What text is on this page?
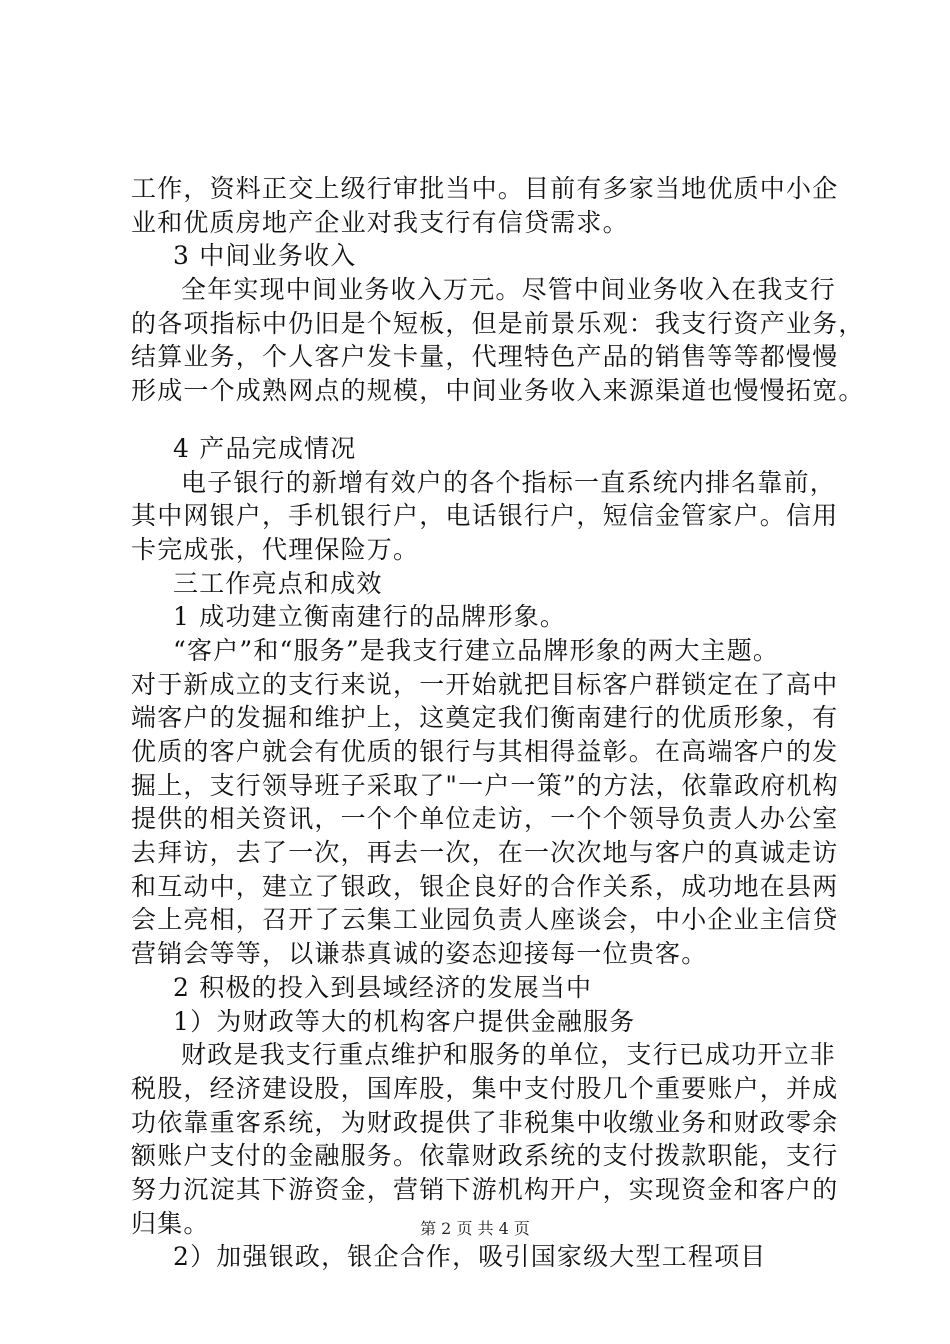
工作，资料正交上级行审批当中。目前有多家当地优质中小企
业和优质房地产企业对我支行有信贷需求。
3 中间业务收入
全年实现中间业务收入万元。尽管中间业务收入在我支行
的各项指标中仍旧是个短板，但是前景乐观：我支行资产业务，
结算业务，个人客户发卡量，代理特色产品的销售等等都慢慢
形成一个成熟网点的规模，中间业务收入来源渠道也慢慢拓宽。
4 产品完成情况
电子银行的新增有效户的各个指标一直系统内排名靠前，
其中网银户，手机银行户，电话银行户，短信金管家户。信用
卡完成张，代理保险万。
三工作亮点和成效
1 成功建立衡南建行的品牌形象。
“客户”和“服务”是我支行建立品牌形象的两大主题。
对于新成立的支行来说，一开始就把目标客户群锁定在了高中
端客户的发掘和维护上，这奠定我们衡南建行的优质形象，有
优质的客户就会有优质的银行与其相得益彰。在高端客户的发
掘上，支行领导班子采取了"一户一策”的方法，依靠政府机构
提供的相关资讯，一个个单位走访，一个个领导负责人办公室
去拜访，去了一次，再去一次，在一次次地与客户的真诚走访
和互动中，建立了银政，银企良好的合作关系，成功地在县两
会上亮相，召开了云集工业园负责人座谈会，中小企业主信贷
营销会等等，以谦恭真诚的姿态迎接每一位贵客。
2 积极的投入到县域经济的发展当中
1）为财政等大的机构客户提供金融服务
财政是我支行重点维护和服务的单位，支行已成功开立非
税股，经济建设股，国库股，集中支付股几个重要账户，并成
功依靠重客系统，为财政提供了非税集中收缴业务和财政零余
额账户支付的金融服务。依靠财政系统的支付拨款职能，支行
努力沉淀其下游资金，营销下游机构开户，实现资金和客户的
归集。
2）加强银政，银企合作，吸引国家级大型工程项目
第 2 页 共 4 页
